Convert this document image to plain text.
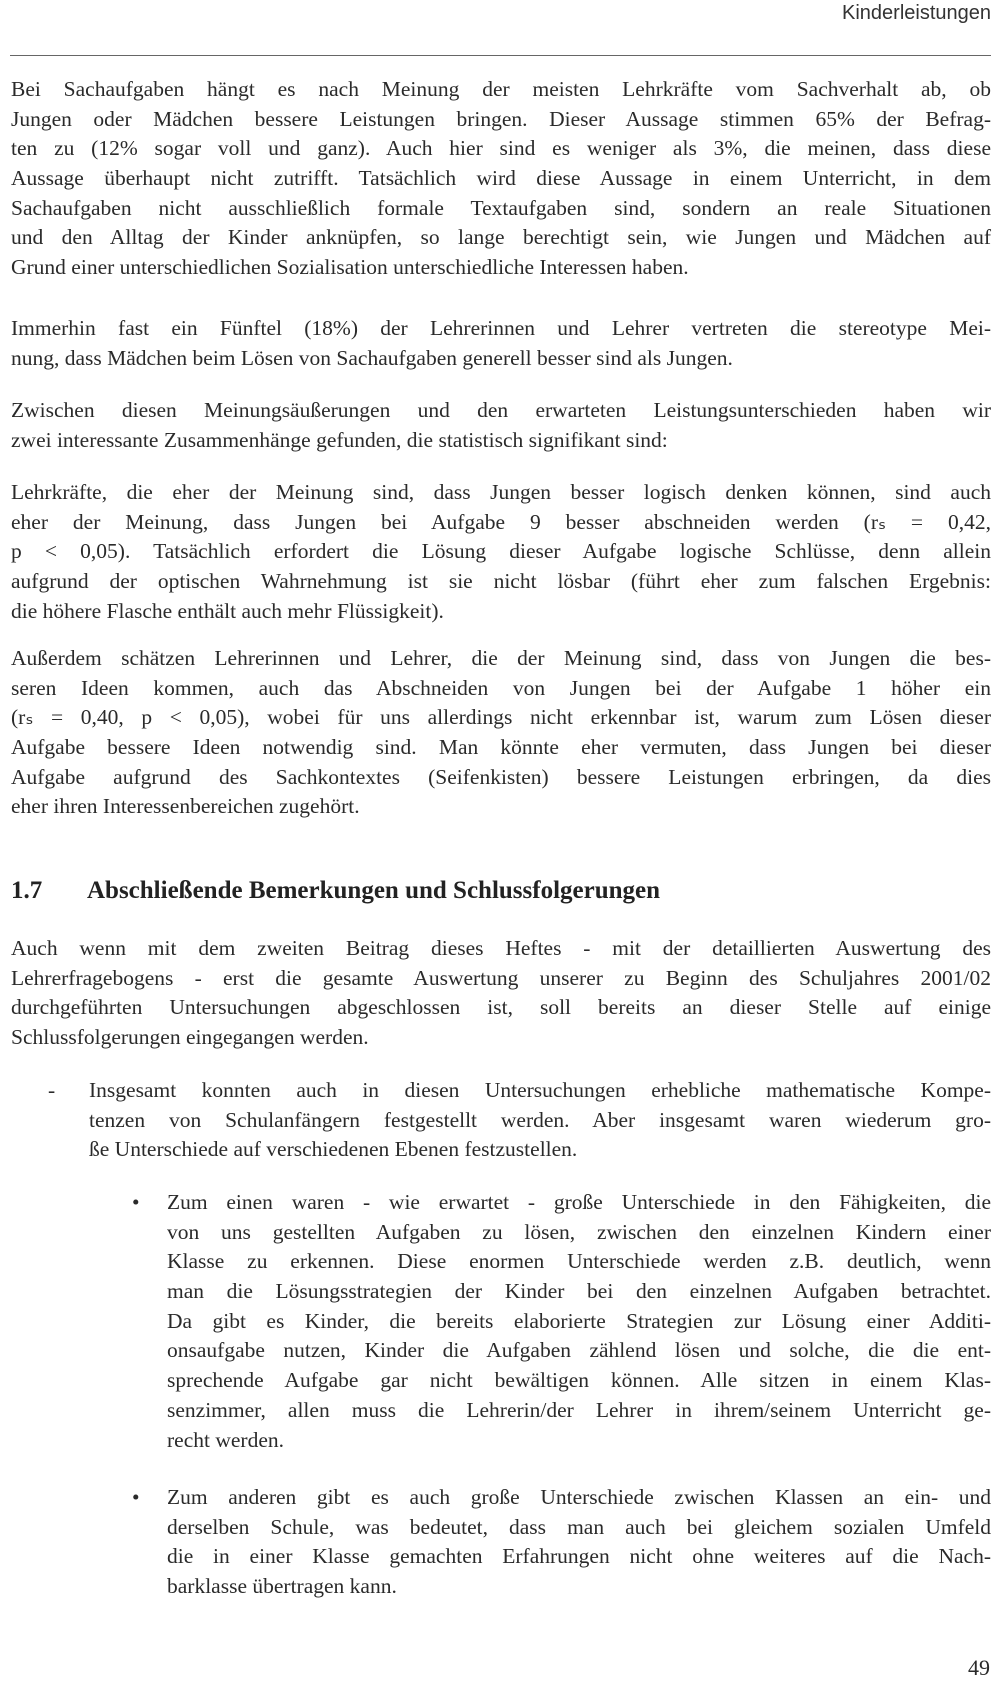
Kinderleistungen
Bei Sachaufgaben hängt es nach Meinung der meisten Lehrkräfte vom Sachverhalt ab, ob
Jungen oder Mädchen bessere Leistungen bringen. Dieser Aussage stimmen 65% der Befrag-
ten zu (12% sogar voll und ganz). Auch hier sind es weniger als 3%, die meinen, dass diese
Aussage überhaupt nicht zutrifft. Tatsächlich wird diese Aussage in einem Unterricht, in dem
Sachaufgaben nicht ausschließlich formale Textaufgaben sind, sondern an reale Situationen
und den Alltag der Kinder anknüpfen, so lange berechtigt sein, wie Jungen und Mädchen auf
Grund einer unterschiedlichen Sozialisation unterschiedliche Interessen haben.
Immerhin fast ein Fünftel (18%) der Lehrerinnen und Lehrer vertreten die stereotype Mei-
nung, dass Mädchen beim Lösen von Sachaufgaben generell besser sind als Jungen.
Zwischen diesen Meinungsäußerungen und den erwarteten Leistungsunterschieden haben wir
zwei interessante Zusammenhänge gefunden, die statistisch signifikant sind:
Lehrkräfte, die eher der Meinung sind, dass Jungen besser logisch denken können, sind auch
eher der Meinung, dass Jungen bei Aufgabe 9 besser abschneiden werden (rₛ = 0,42,
p < 0,05). Tatsächlich erfordert die Lösung dieser Aufgabe logische Schlüsse, denn allein
aufgrund der optischen Wahrnehmung ist sie nicht lösbar (führt eher zum falschen Ergebnis:
die höhere Flasche enthält auch mehr Flüssigkeit).
Außerdem schätzen Lehrerinnen und Lehrer, die der Meinung sind, dass von Jungen die bes-
seren Ideen kommen, auch das Abschneiden von Jungen bei der Aufgabe 1 höher ein
(rₛ = 0,40, p < 0,05), wobei für uns allerdings nicht erkennbar ist, warum zum Lösen dieser
Aufgabe bessere Ideen notwendig sind. Man könnte eher vermuten, dass Jungen bei dieser
Aufgabe aufgrund des Sachkontextes (Seifenkisten) bessere Leistungen erbringen, da dies
eher ihren Interessenbereichen zugehört.
1.7 Abschließende Bemerkungen und Schlussfolgerungen
Auch wenn mit dem zweiten Beitrag dieses Heftes - mit der detaillierten Auswertung des
Lehrerfragebogens - erst die gesamte Auswertung unserer zu Beginn des Schuljahres 2001/02
durchgeführten Untersuchungen abgeschlossen ist, soll bereits an dieser Stelle auf einige
Schlussfolgerungen eingegangen werden.
- Insgesamt konnten auch in diesen Untersuchungen erhebliche mathematische Kompe-
tenzen von Schulanfängern festgestellt werden. Aber insgesamt waren wiederum gro-
ße Unterschiede auf verschiedenen Ebenen festzustellen.
• Zum einen waren - wie erwartet - große Unterschiede in den Fähigkeiten, die
von uns gestellten Aufgaben zu lösen, zwischen den einzelnen Kindern einer
Klasse zu erkennen. Diese enormen Unterschiede werden z.B. deutlich, wenn
man die Lösungsstrategien der Kinder bei den einzelnen Aufgaben betrachtet.
Da gibt es Kinder, die bereits elaborierte Strategien zur Lösung einer Additi-
onsaufgabe nutzen, Kinder die Aufgaben zählend lösen und solche, die die ent-
sprechende Aufgabe gar nicht bewältigen können. Alle sitzen in einem Klas-
senzimmer, allen muss die Lehrerin/der Lehrer in ihrem/seinem Unterricht ge-
recht werden.
• Zum anderen gibt es auch große Unterschiede zwischen Klassen an ein- und
derselben Schule, was bedeutet, dass man auch bei gleichem sozialen Umfeld
die in einer Klasse gemachten Erfahrungen nicht ohne weiteres auf die Nach-
barklasse übertragen kann.
49
